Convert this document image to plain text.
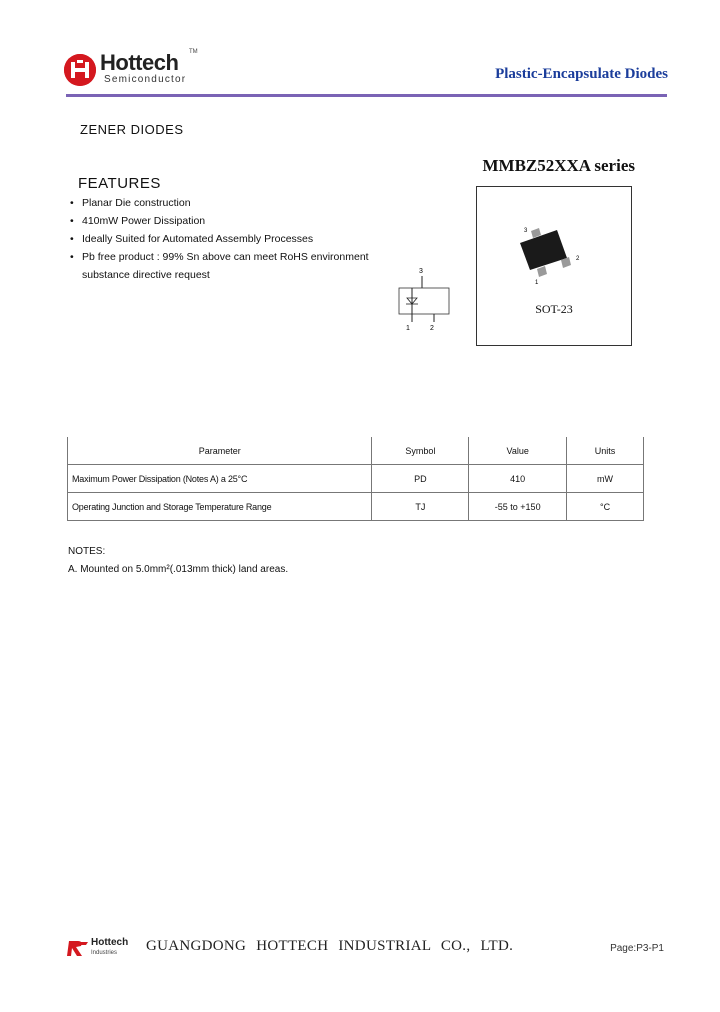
Hottech TM
Semiconductor	Plastic-Encapsulate Diodes
ZENER DIODES
MMBZ52XXA series
FEATURES
• Planar Die construction
• 410mW Power Dissipation
• Ideally Suited for Automated Assembly Processes
• Pb free product : 99% Sn above can meet RoHS environment substance directive request	3
1	2
3
2
1
SOT-23
Parameter	Symbol	Value	Units
Maximum Power Dissipation (Notes A) a 25°C	PD	410	mW
Operating Junction and Storage Temperature Range	TJ	-55 to +150	°C
NOTES:
A. Mounted on 5.0mm²(.013mm thick) land areas.
Hottech
Industries GUANGDONG HOTTECH INDUSTRIAL CO., LTD.	Page:P3-P1
